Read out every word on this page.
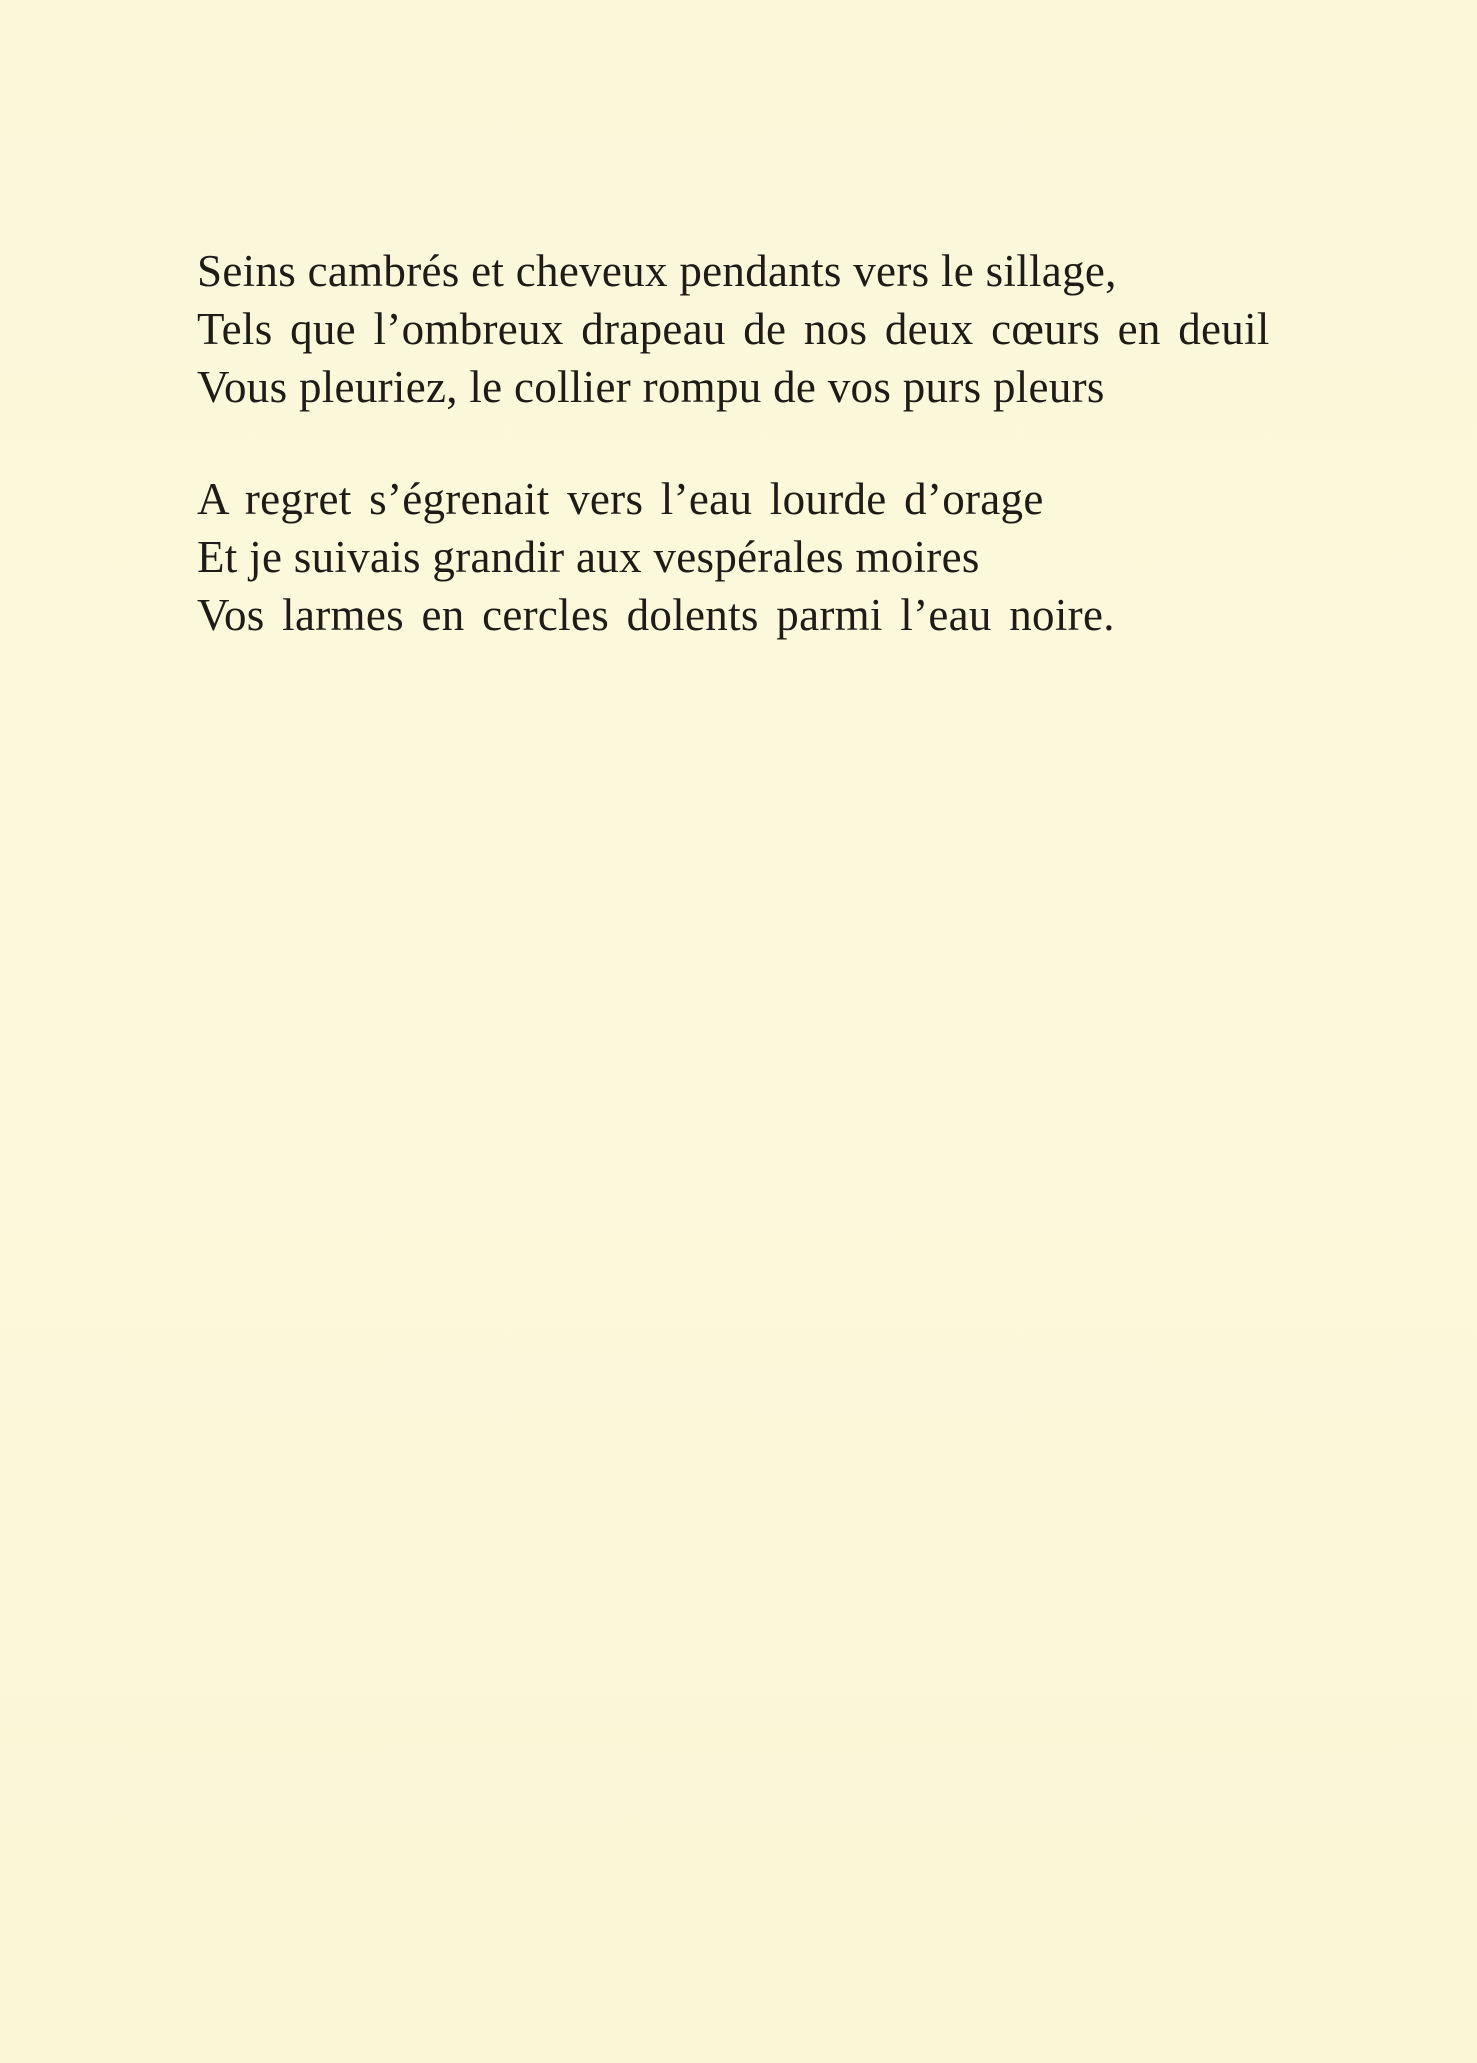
Seins cambrés et cheveux pendants vers le sillage,
Tels que l’ombreux drapeau de nos deux cœurs en deuil
Vous pleuriez, le collier rompu de vos purs pleurs
A regret s’égrenait vers l’eau lourde d’orage
Et je suivais grandir aux vespérales moires
Vos larmes en cercles dolents parmi l’eau noire.
